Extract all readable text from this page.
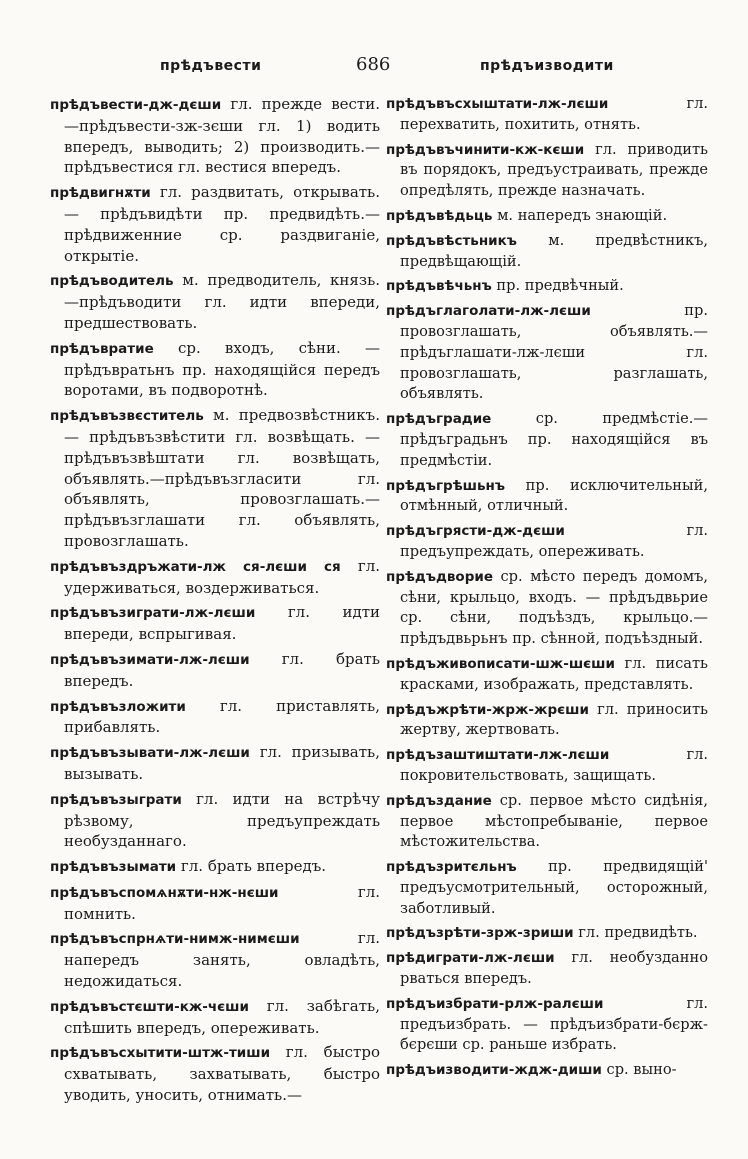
прѣдъвести	686	прѣдъизводити

прѣдъвести-дж-дєши гл. прежде вести.—прѣдъвести-зж-зєши гл. 1) водить впередъ, выводить; 2) производить.—прѣдъвестися гл. вестися впередъ.

прѣдвигнѫти гл. раздвитать, открывать. — прѣдъвидѣти пр. предвидѣть.—прѣдвиженние ср. раздвиганіе, открытіе.

прѣдъводитель м. предводитель, князь.—прѣдъводити гл. идти впереди, предшествовать.

прѣдъвратие ср. входъ, сѣни. — прѣдъвратьнъ пр. находящійся передъ воротами, въ подворотнѣ.

прѣдъвъзвєститель м. предвозвѣстникъ. — прѣдъвъзвѣстити гл. возвѣщать. — прѣдъвъзвѣштати гл. возвѣщать, объявлять.—прѣдъвъзгласити гл. объявлять, провозглашать.—прѣдъвъзглашати гл. объявлять, провозглашать.

прѣдъвъздръжати-лж ся-лєши ся гл. удерживаться, воздерживаться.

прѣдъвъзиграти-лж-лєши гл. идти впереди, вспрыгивая.

прѣдъвъзимати-лж-лєши гл. брать впередъ.

прѣдъвъзложити гл. приставлять, прибавлять.

прѣдъвъзывати-лж-лєши гл. призывать, вызывать.

прѣдъвъзыграти гл. идти на встрѣчу рѣзвому, предъупреждать необузданнаго.

прѣдъвъзымати гл. брать впередъ.

прѣдъвъспомѧнѫти-нж-нєши	гл. помнить.

прѣдъвъспрнѧти-нимж-нимєши	гл. напередъ занять, овладѣть, недожидаться.

прѣдъвъстєшти-кж-чєши гл. забѣгать, спѣшить впередъ, опереживать.

прѣдъвъсхытити-штж-тиши гл. быстро схватывать, захватывать, быстро уводить, уносить, отнимать.—

прѣдъвъсхыштати-лж-лєши	гл. перехватить, похитить, отнять.

прѣдъвъчинити-кж-кєши гл. приводить въ порядокъ, предъустраивать, прежде опредѣлять, прежде назначать.

прѣдъвѣдьць м. напередъ знающій.

прѣдъвѣстьникъ м. предвѣстникъ, предвѣщающій.

прѣдъвѣчьнъ пр. предвѣчный.

прѣдъглаголати-лж-лєши	пр. провозглашать, объявлять.—прѣдъглашати-лж-лєши гл. провозглашать, разглашать, объявлять.

прѣдъградие	ср. предмѣстіе.—прѣдъградьнъ пр. находящійся въ предмѣстіи.

прѣдъгрѣшьнъ пр. исключительный, отмѣнный, отличный.

прѣдъгрясти-дж-дєши	гл. предъупреждать, опереживать.

прѣдъдворие ср. мѣсто передъ домомъ, сѣни, крыльцо, входъ. — прѣдъдвьрие ср. сѣни, подъѣздъ, крыльцо.—прѣдъдвьрьнъ пр. сѣнной, подъѣздный.

прѣдъживописати-шж-шєши гл. писать красками, изображать, представлять.

прѣдъжрѣти-жрж-жрєши гл. приносить жертву, жертвовать.

прѣдъзаштиштати-лж-лєши	гл. покровительствовать, защищать.

прѣдъздание ср. первое мѣсто сидѣнія, первое мѣстопребываніе, первое мѣстожительства.

прѣдъзритєльнъ пр. предвидящій' предъусмотрительный, осторожный, заботливый.

прѣдъзрѣти-зрж-зриши гл. предвидѣть.

прѣдиграти-лж-лєши гл. необузданно рваться впередъ.

прѣдъизбрати-рлж-ралєши	гл. предъизбрать. — прѣдъизбрати-бєрж-бєрєши ср. раньше избрать.

прѣдъизводити-ждж-диши ср. выно-
